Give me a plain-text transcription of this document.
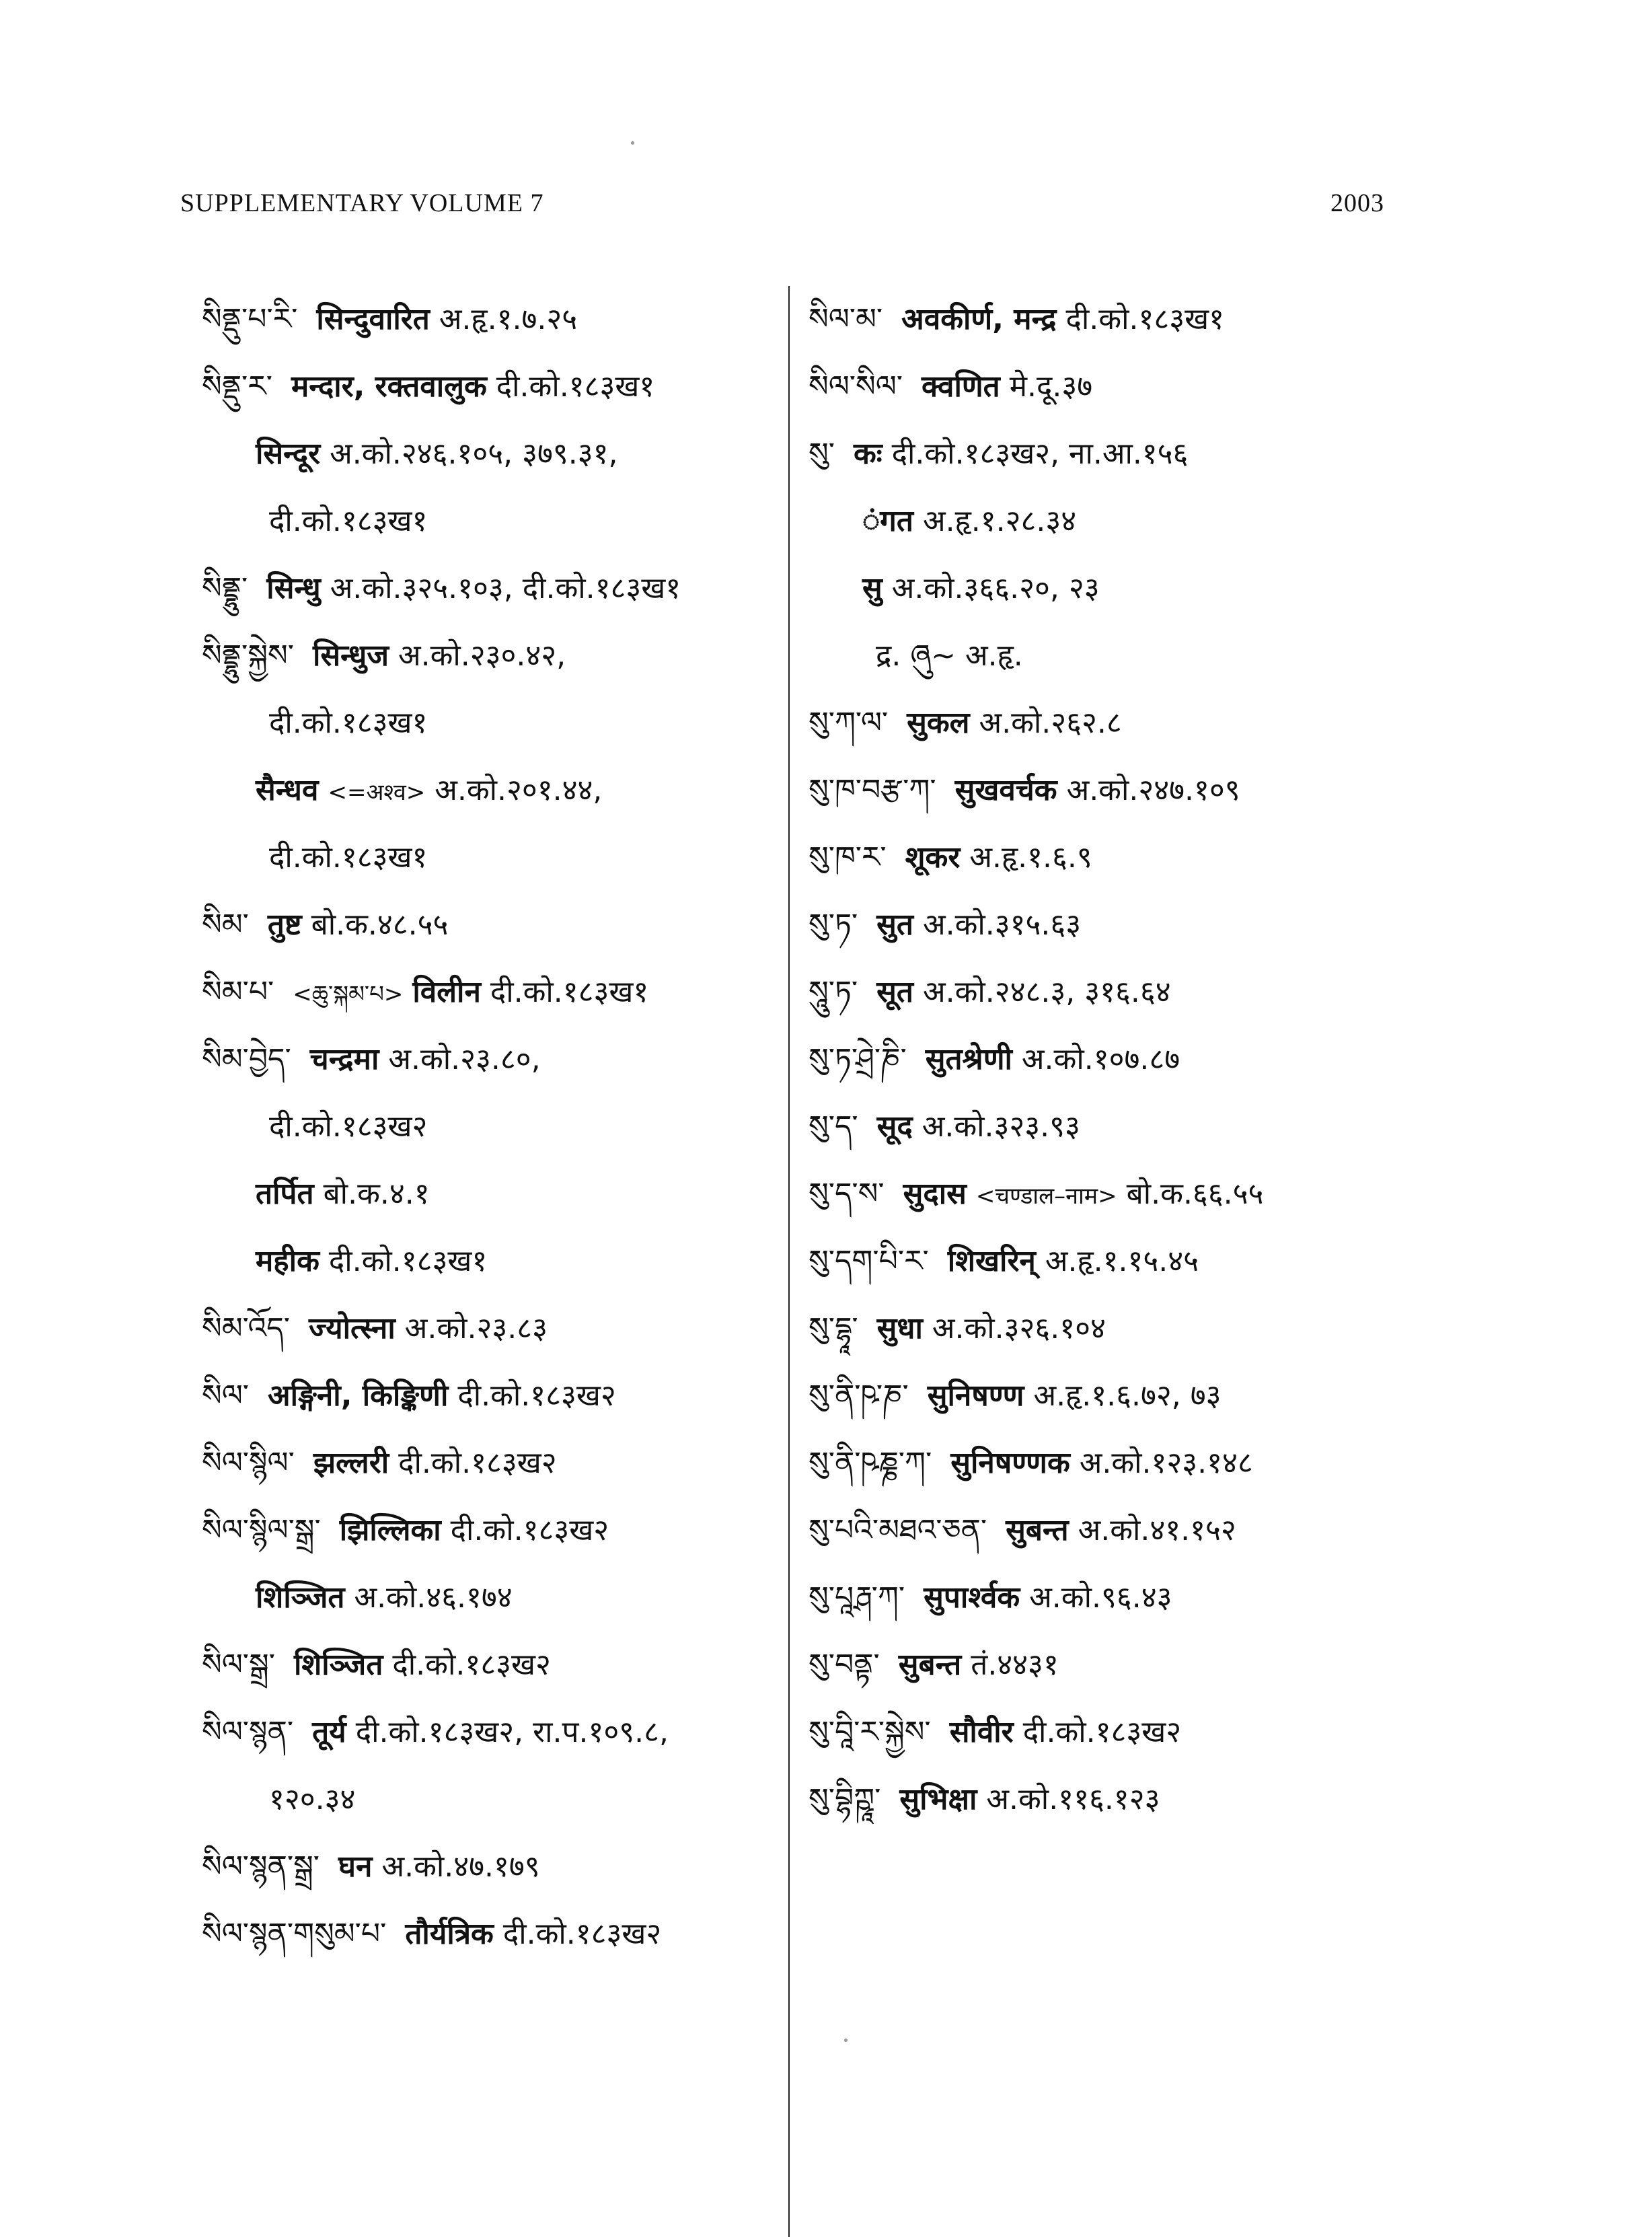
SUPPLEMENTARY VOLUME 7	2003
སིནྡུ་པ་རི་ सिन्दुवारित अ.हृ.१.७.२५
སིནྡུ་ར་ मन्दार, रक्तवालुक दी.को.१८३ख१
सिन्दूर अ.को.२४६.१०५, ३७९.३१,
दी.को.१८३ख१
སིནྡྷུ་ सिन्धु अ.को.३२५.१०३, दी.को.१८३ख१
སིནྡྷུ་སྐྱེས་ सिन्धुज अ.को.२३०.४२,
दी.को.१८३ख१
सैन्धव <=अश्व> अ.को.२०१.४४,
दी.को.१८३ख१
སིམ་ तुष्ट बो.क.४८.५५
སིམ་པ་ <ཆུ་སྐམ་པ> विलीन दी.को.१८३ख१
སིམ་བྱེད་ चन्द्रमा अ.को.२३.८०,
दी.को.१८३ख२
तर्पित बो.क.४.१
महीक दी.को.१८३ख१
སིམ་འོད་ ज्योत्स्ना अ.को.२३.८३
སིལ་ अङ्गिनी, किङ्किणी दी.को.१८३ख२
སིལ་སྙིལ་ झल्लरी दी.को.१८३ख२
སིལ་སྙིལ་སྒྲ་ झिल्लिका दी.को.१८३ख२
शिञ्जित अ.को.४६.१७४
སིལ་སྒྲ་ शिञ्जित दी.को.१८३ख२
སིལ་སྙན་ तूर्य दी.को.१८३ख२, रा.प.१०९.८,
१२०.३४
སིལ་སྙན་སྒྲ་ घन अ.को.४७.१७९
སིལ་སྙན་གསུམ་པ་ तौर्यत्रिक दी.को.१८३ख२
སིལ་མ་ अवकीर्ण, मन्द्र दी.को.१८३ख१
སིལ་སིལ་ क्वणित मे.दू.३७
སུ་ कः दी.को.१८३ख२, ना.आ.१५६
ंगत अ.हृ.१.२८.३४
सु अ.को.३६६.२०, २३
द्र. ཞུ~ अ.हृ.
སུ་ཀ་ལ་ सुकल अ.को.२६२.८
སུ་ཁ་བརྩ་ཀ་ सुखवर्चक अ.को.२४७.१०९
སུ་ཁ་ར་ शूकर अ.हृ.१.६.९
སུ་ཏ་ सुत अ.को.३१५.६३
སཱུ་ཏ་ सूत अ.को.२४८.३, ३१६.६४
སུ་ཏ་ཤྲེ་ཎི་ सुतश्रेणी अ.को.१०७.८७
སུ་ད་ सूद अ.को.३२३.९३
སུ་ད་ས་ सुदास <चण्डाल–नाम> बो.क.६६.५५
སུ་དག་པི་ར་ शिखरिन् अ.हृ.१.१५.४५
སུ་དྷཱ་ सुधा अ.को.३२६.१०४
སུ་ནི་ཥ་ཎ་ सुनिषण्ण अ.हृ.१.६.७२, ७३
སུ་ནི་ཥཎྞ་ཀ་ सुनिषण्णक अ.को.१२३.१४८
སུ་པའི་མཐའ་ཅན་ सुबन्त अ.को.४१.१५२
སུ་པཱརྴ་ཀ་ सुपार्श्वक अ.को.९६.४३
སུ་བནྟ་ सुबन्त तं.४४३१
སུ་བཱི་ར་སྐྱེས་ सौवीर दी.को.१८३ख२
སུ་བྷིཀྵཱ་ सुभिक्षा अ.को.११६.१२३
